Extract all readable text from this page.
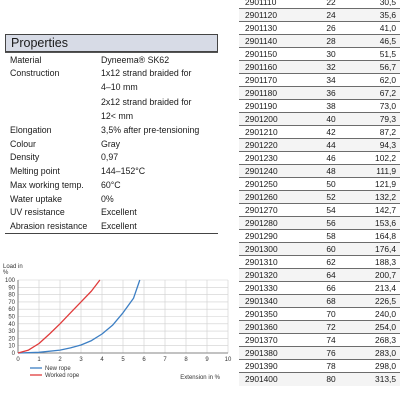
Properties
Material	Dyneema® SK62

Construction	1x12 strand braided for
4–10 mm

	2x12 strand braided for
12< mm

Elongation	3,5% after pre-tensioning

Colour	Gray

Density	0,97

Melting point	144–152°C

Max working temp.	60°C

Water uptake	0%

UV resistance	Excellent

Abrasion resistance	Excellent
0	1	2	3	4	5	6	7	8	9	10
0
10
20
30
40
50
60
70
80
90
100
Load in
%
Extension in %
New rope
Worked rope
2901110	22	30,5
2901120	24	35,6
2901130	26	41,0
2901140	28	46,5
2901150	30	51,5
2901160	32	56,7
2901170	34	62,0
2901180	36	67,2
2901190	38	73,0
2901200	40	79,3
2901210	42	87,2
2901220	44	94,3
2901230	46	102,2
2901240	48	111,9
2901250	50	121,9
2901260	52	132,2
2901270	54	142,7
2901280	56	153,6
2901290	58	164,8
2901300	60	176,4
2901310	62	188,3
2901320	64	200,7
2901330	66	213,4
2901340	68	226,5
2901350	70	240,0
2901360	72	254,0
2901370	74	268,3
2901380	76	283,0
2901390	78	298,0
2901400	80	313,5
